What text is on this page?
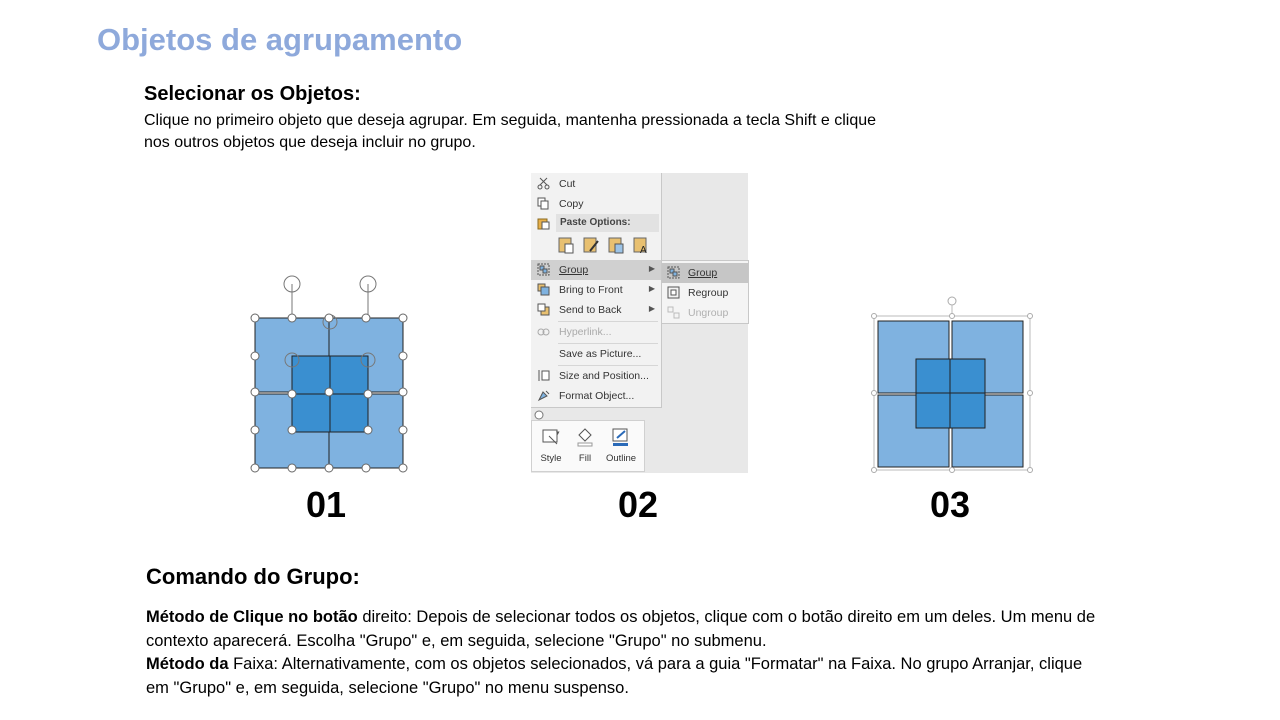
Objetos de agrupamento
Selecionar os Objetos:
Clique no primeiro objeto que deseja agrupar. Em seguida, mantenha pressionada a tecla Shift e clique nos outros objetos que deseja incluir no grupo.
01
Cut
Copy
Paste Options:
A
Group	▶
Bring to Front	▶
Send to Back	▶
Hyperlink...
Save as Picture...
Size and Position...
Format Object...
Group
Regroup
Ungroup
▾
Style	Fill	Outline
02	03
Comando do Grupo:
Método de Clique no botão direito: Depois de selecionar todos os objetos, clique com o botão direito em um deles. Um menu de contexto aparecerá. Escolha "Grupo" e, em seguida, selecione "Grupo" no submenu.
Método da Faixa: Alternativamente, com os objetos selecionados, vá para a guia "Formatar" na Faixa. No grupo Arranjar, clique em "Grupo" e, em seguida, selecione "Grupo" no menu suspenso.
